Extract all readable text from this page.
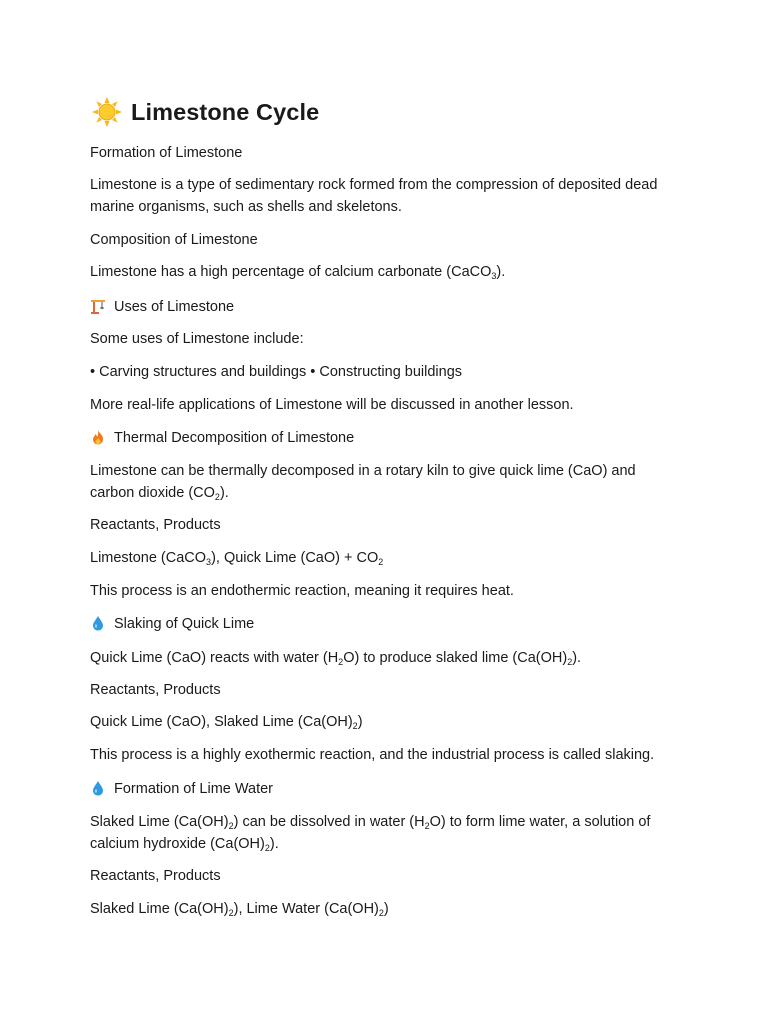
Limestone Cycle
Formation of Limestone
Limestone is a type of sedimentary rock formed from the compression of deposited dead marine organisms, such as shells and skeletons.
Composition of Limestone
Limestone has a high percentage of calcium carbonate (CaCO$_3$).
Uses of Limestone
Some uses of Limestone include:
• Carving structures and buildings • Constructing buildings
More real-life applications of Limestone will be discussed in another lesson.
Thermal Decomposition of Limestone
Limestone can be thermally decomposed in a rotary kiln to give quick lime (CaO) and carbon dioxide $(CO_2)$.
Reactants, Products
Limestone (CaCO$_3$), Quick Lime $(CaO) + CO_2$
This process is an endothermic reaction, meaning it requires heat.
Slaking of Quick Lime
Quick Lime (CaO) reacts with water $(H_2O)$ to produce slaked lime $(Ca(OH)_2)$.
Reactants, Products
Quick Lime (CaO), Slaked Lime $(Ca(OH)_2)$
This process is a highly exothermic reaction, and the industrial process is called slaking.
Formation of Lime Water
Slaked Lime $(Ca(OH)_2)$ can be dissolved in water $(H_2O)$ to form lime water, a solution of calcium hydroxide $(Ca(OH)_2)$.
Reactants, Products
Slaked Lime $(Ca(OH)_2)$, Lime Water $(Ca(OH)_2)$
